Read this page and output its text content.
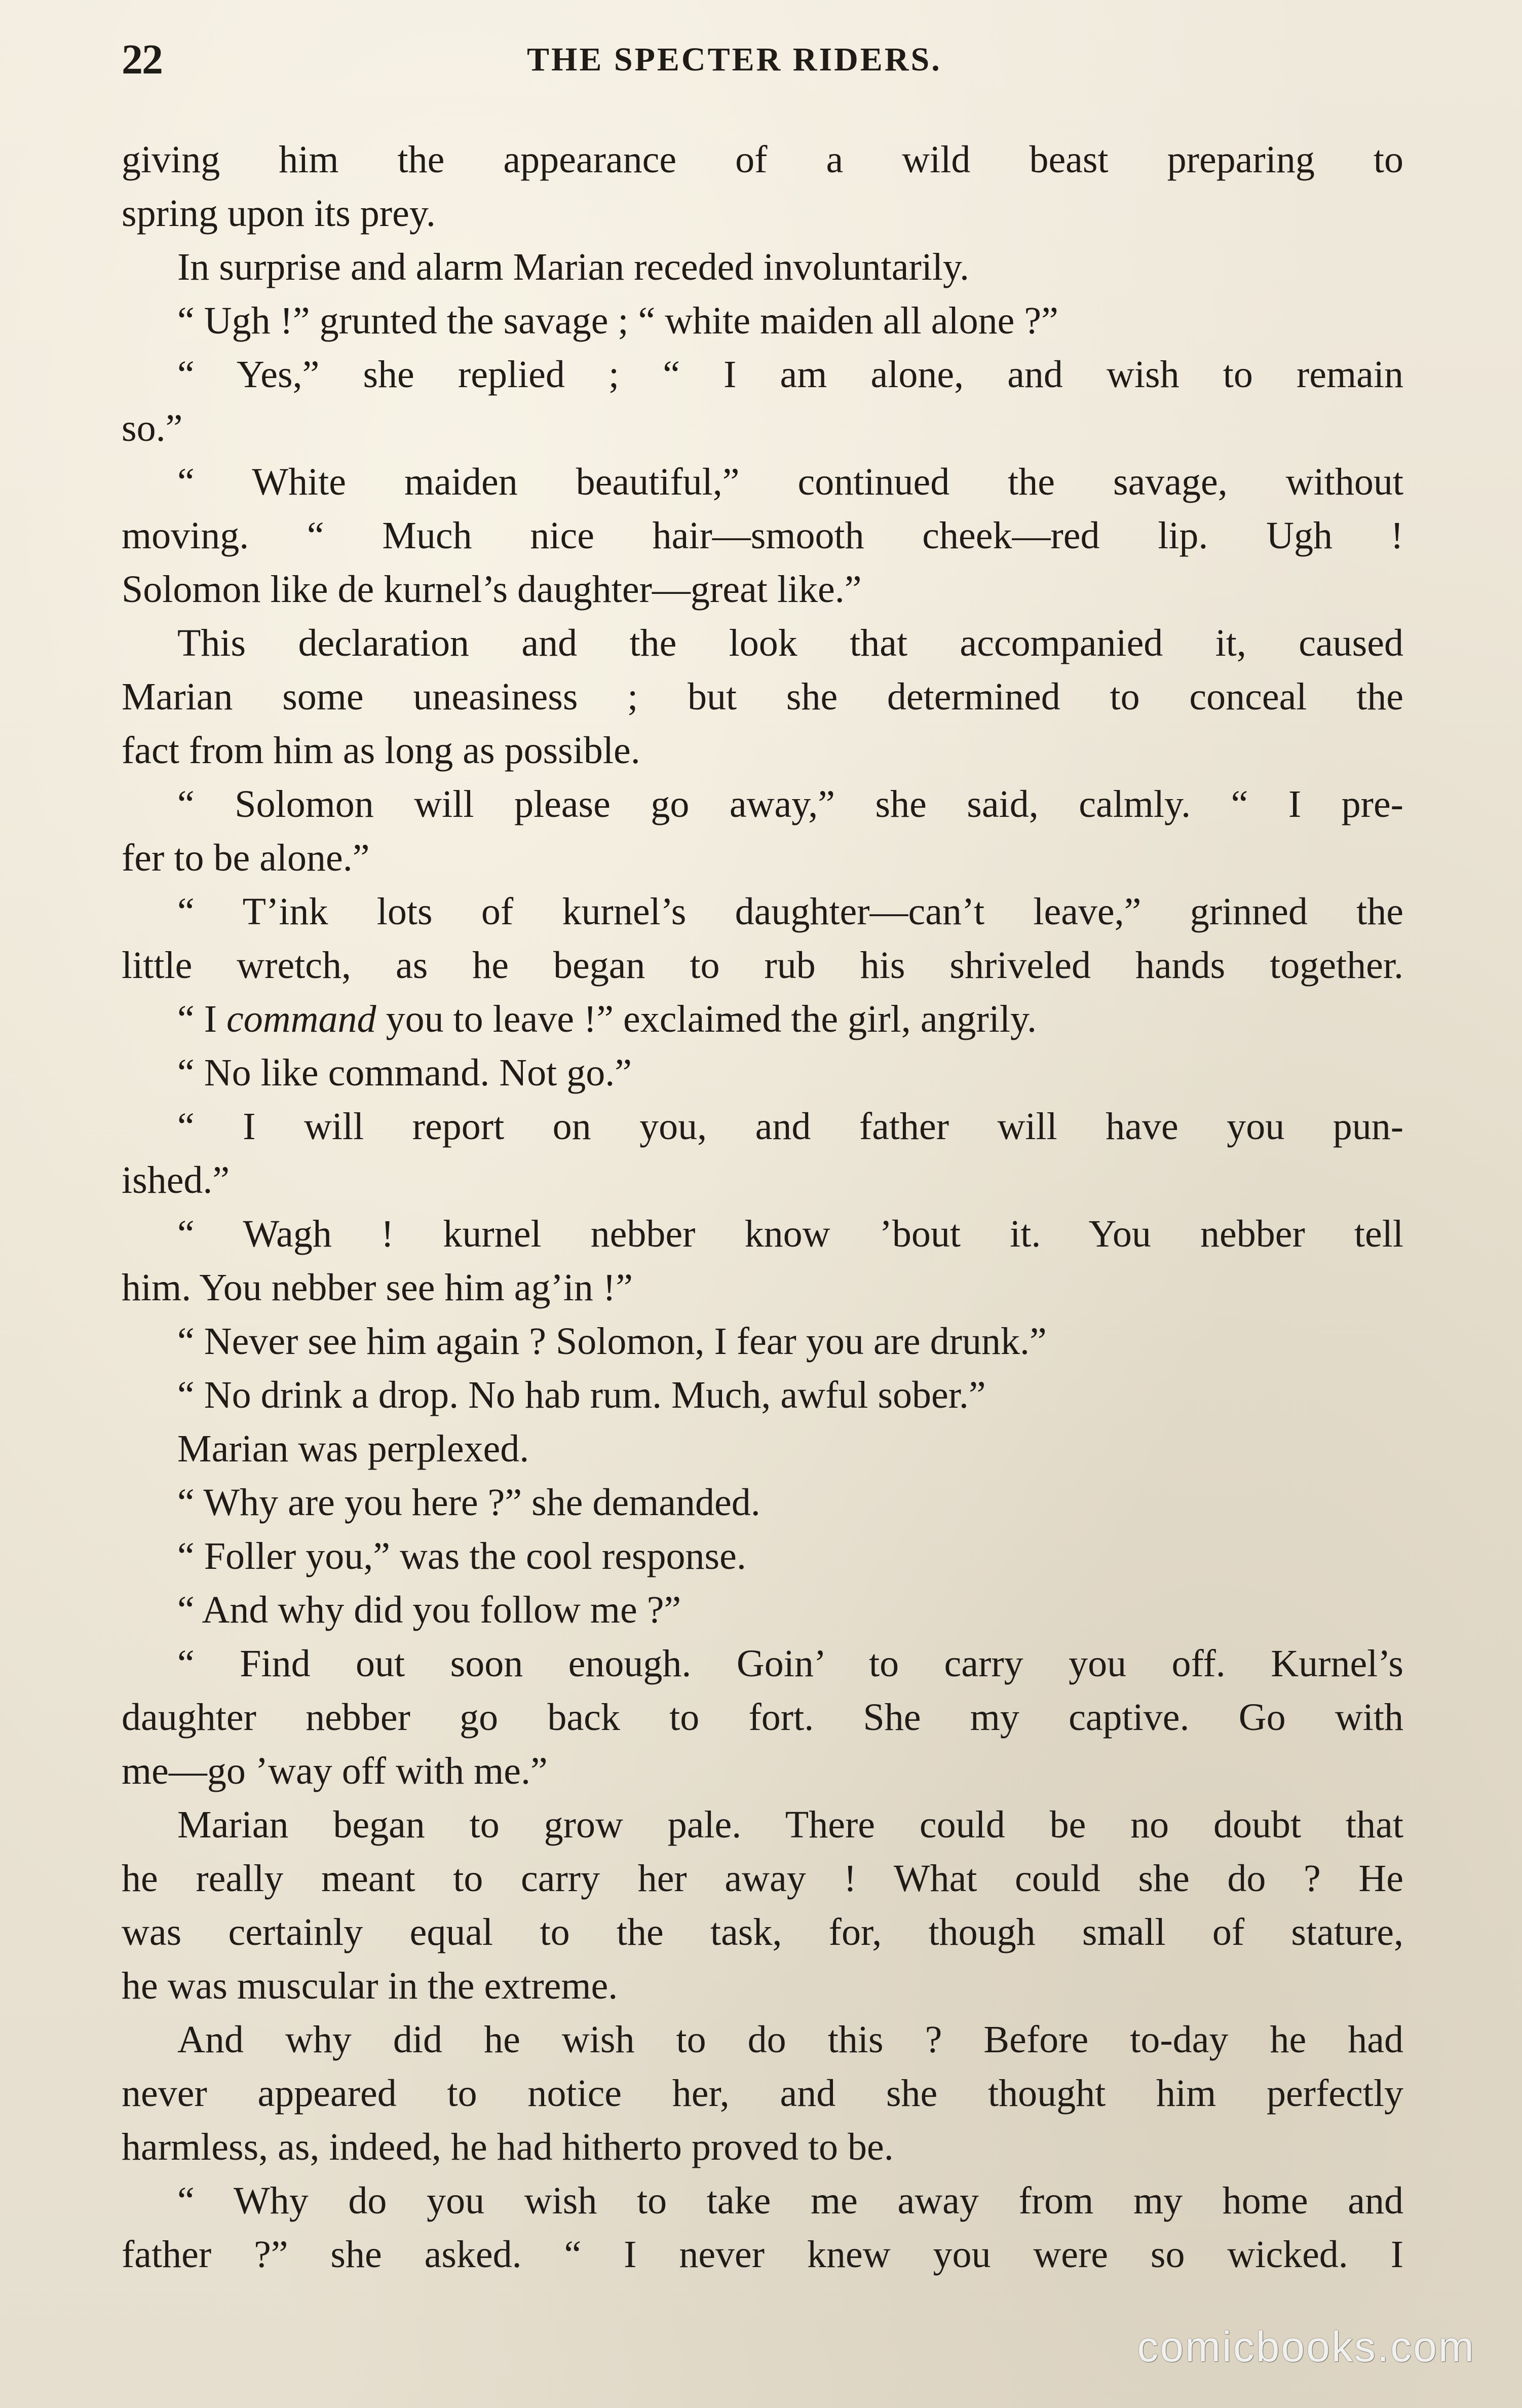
22	THE SPECTER RIDERS.
giving him the appearance of a wild beast preparing to
spring upon its prey.
In surprise and alarm Marian receded involuntarily.
“ Ugh !” grunted the savage ; “ white maiden all alone ?”
“ Yes,” she replied ; “ I am alone, and wish to remain
so.”
“ White maiden beautiful,” continued the savage, without
moving. “ Much nice hair—smooth cheek—red lip. Ugh !
Solomon like de kurnel’s daughter—great like.”
This declaration and the look that accompanied it, caused
Marian some uneasiness ; but she determined to conceal the
fact from him as long as possible.
“ Solomon will please go away,” she said, calmly. “ I pre-
fer to be alone.”
“ T’ink lots of kurnel’s daughter—can’t leave,” grinned the
little wretch, as he began to rub his shriveled hands together.
“ I command you to leave !” exclaimed the girl, angrily.
“ No like command. Not go.”
“ I will report on you, and father will have you pun-
ished.”
“ Wagh ! kurnel nebber know ’bout it. You nebber tell
him. You nebber see him ag’in !”
“ Never see him again ? Solomon, I fear you are drunk.”
“ No drink a drop. No hab rum. Much, awful sober.”
Marian was perplexed.
“ Why are you here ?” she demanded.
“ Foller you,” was the cool response.
“ And why did you follow me ?”
“ Find out soon enough. Goin’ to carry you off. Kurnel’s
daughter nebber go back to fort. She my captive. Go with
me—go ’way off with me.”
Marian began to grow pale. There could be no doubt that
he really meant to carry her away ! What could she do ? He
was certainly equal to the task, for, though small of stature,
he was muscular in the extreme.
And why did he wish to do this ? Before to-day he had
never appeared to notice her, and she thought him perfectly
harmless, as, indeed, he had hitherto proved to be.
“ Why do you wish to take me away from my home and
father ?” she asked. “ I never knew you were so wicked. I
comicbooks.com
